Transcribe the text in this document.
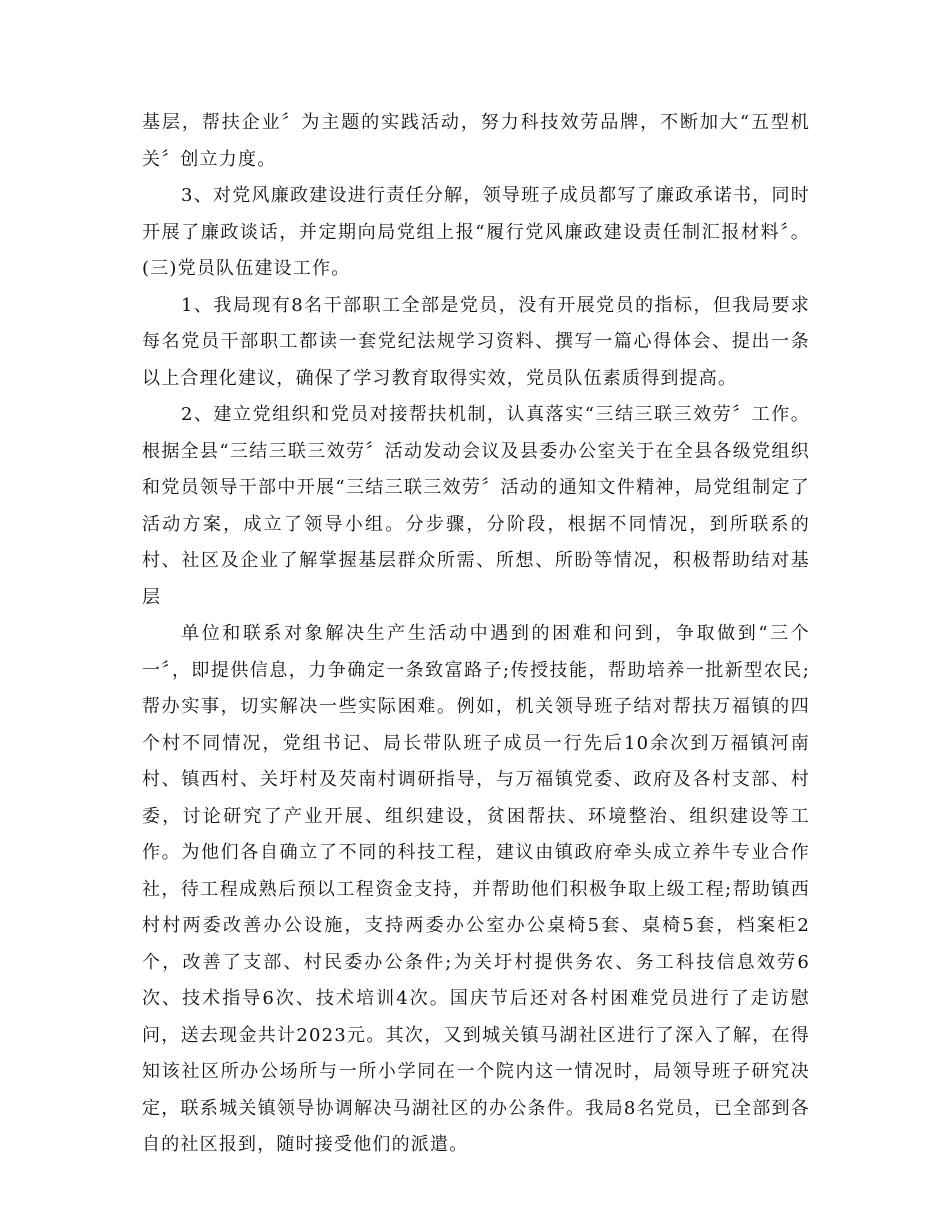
基层，帮扶企业〞为主题的实践活动，努力科技效劳品牌，不断加大“五型机关〞创立力度。

3、对党风廉政建设进行责任分解，领导班子成员都写了廉政承诺书，同时开展了廉政谈话，并定期向局党组上报“履行党风廉政建设责任制汇报材料〞。(三)党员队伍建设工作。

1、我局现有8名干部职工全部是党员，没有开展党员的指标，但我局要求每名党员干部职工都读一套党纪法规学习资料、撰写一篇心得体会、提出一条以上合理化建议，确保了学习教育取得实效，党员队伍素质得到提高。

2、建立党组织和党员对接帮扶机制，认真落实“三结三联三效劳〞工作。根据全县“三结三联三效劳〞活动发动会议及县委办公室关于在全县各级党组织和党员领导干部中开展“三结三联三效劳〞活动的通知文件精神，局党组制定了活动方案，成立了领导小组。分步骤，分阶段，根据不同情况，到所联系的村、社区及企业了解掌握基层群众所需、所想、所盼等情况，积极帮助结对基层

单位和联系对象解决生产生活动中遇到的困难和问到，争取做到“三个一〞，即提供信息，力争确定一条致富路子;传授技能，帮助培养一批新型农民;帮办实事，切实解决一些实际困难。例如，机关领导班子结对帮扶万福镇的四个村不同情况，党组书记、局长带队班子成员一行先后10余次到万福镇河南村、镇西村、关圩村及芡南村调研指导，与万福镇党委、政府及各村支部、村委，讨论研究了产业开展、组织建设，贫困帮扶、环境整治、组织建设等工作。为他们各自确立了不同的科技工程，建议由镇政府牵头成立养牛专业合作社，待工程成熟后预以工程资金支持，并帮助他们积极争取上级工程;帮助镇西村村两委改善办公设施，支持两委办公室办公桌椅5套、桌椅5套，档案柜2个，改善了支部、村民委办公条件;为关圩村提供务农、务工科技信息效劳6次、技术指导6次、技术培训4次。国庆节后还对各村困难党员进行了走访慰问，送去现金共计2023元。其次，又到城关镇马湖社区进行了深入了解，在得知该社区所办公场所与一所小学同在一个院内这一情况时，局领导班子研究决定，联系城关镇领导协调解决马湖社区的办公条件。我局8名党员，已全部到各自的社区报到，随时接受他们的派遣。
